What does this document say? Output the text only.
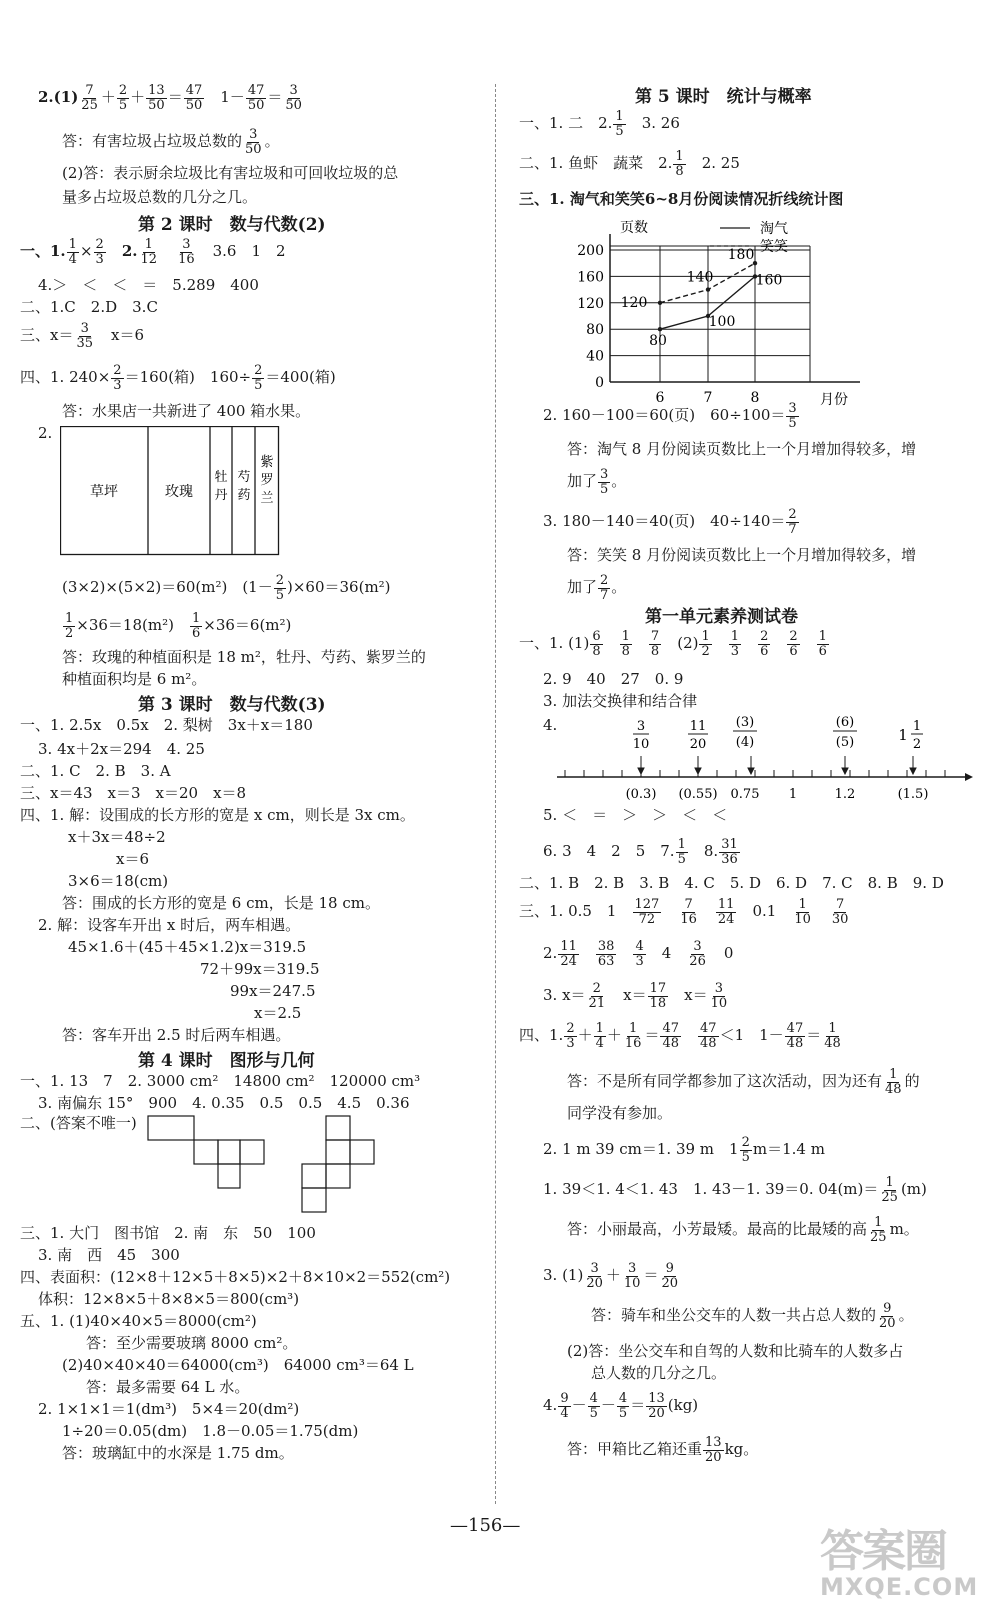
$2.(1) \frac{7}{25} + \frac{2}{5} + \frac{13}{50} = \frac{47}{50}$ 　$1- \frac{47}{50} = \frac{3}{50}$
答：有害垃圾占垃圾总数的 $\frac{3}{50}$ 。
(2)答：表示厨余垃圾比有害垃圾和可回收垃圾的总
量多占垃圾总数的几分之几。
第 2 课时　数与代数(2)
一、1. $\frac{1}{4} \times \frac{2}{3}$
　 2. $\frac{1}{12}$
　 $\frac{3}{16}$
　 3.6　1　2
4.＞　＜　＜　＝　5.289　400
二、1.C　2.D　3.C
三、$x= \frac{3}{35}$
　 x＝6
四、1. $240\times \frac{2}{3} =160$(箱)　$160\div \frac{2}{5} =400$(箱)
答：水果店一共新进了 400 箱水果。
2.
草坪	玫瑰
牡
丹
芍
药
紫
罗
兰
(3×2)×(5×2)＝60(m²)　$(1- \frac{2}{5} )\times 60=36(m^2)$
$\frac{1}{2} \times 36=18(m^2)$　 $\frac{1}{6} \times 36=6(m^2)$
答：玫瑰的种植面积是 18 m²，牡丹、芍药、紫罗兰的
种植面积均是 6 m²。
第 3 课时　数与代数(3)
一、1. 2.5x　0.5x　2. 梨树　3x＋x＝180
3. 4x＋2x＝294　4. 25
二、1. C　2. B　3. A
三、x＝43　x＝3　x＝20　x＝8
四、1. 解：设围成的长方形的宽是 x cm，则长是 3x cm。
x＋3x＝48÷2
x＝6
3×6＝18(cm)
答：围成的长方形的宽是 6 cm，长是 18 cm。
2. 解：设客车开出 x 时后，两车相遇。
45×1.6＋(45＋45×1.2)x＝319.5
72＋99x＝319.5
99x＝247.5
x＝2.5
答：客车开出 2.5 时后两车相遇。
第 4 课时　图形与几何
一、1. 13　7　2. 3000 cm²　14800 cm²　120000 cm³
3. 南偏东 15°　900　4. 0.35　0.5　0.5　4.5　0.36
二、(答案不唯一)
三、1. 大门　图书馆　2. 南　东　50　100
3. 南　西　45　300
四、表面积：(12×8＋12×5＋8×5)×2＋8×10×2＝552(cm²)
体积：12×8×5＋8×8×5＝800(cm³)
五、1. (1)40×40×5＝8000(cm²)
答：至少需要玻璃 8000 cm²。
(2)40×40×40＝64000(cm³)　64000 cm³＝64 L
答：最多需要 64 L 水。
2. 1×1×1＝1(dm³)　5×4＝20(dm²)
1÷20＝0.05(dm)　1.8－0.05＝1.75(dm)
答：玻璃缸中的水深是 1.75 dm。
第 5 课时　统计与概率
一、1. 二　2. $\frac{1}{5}$
　 3. 26
二、1. 鱼虾　蔬菜　2. $\frac{1}{8}$
　 2. 25
三、1. 淘气和笑笑6~8月份阅读情况折线统计图
0
40
80
120
160
200
页数
月份
6	7	8
淘气
笑笑
80
100
160
120
140
180
2. 160－100＝60(页)　$60\div 100= \frac{3}{5}$
答：淘气 8 月份阅读页数比上一个月增加得较多，增
加了 $\frac{3}{5}$ 。
3. 180－140＝40(页)　$40\div 140= \frac{2}{7}$
答：笑笑 8 月份阅读页数比上一个月增加得较多，增
加了 $\frac{2}{7}$ 。
第一单元素养测试卷
一、1. $(1) \frac{6}{8}$
　 $\frac{1}{8}$
　 $\frac{7}{8}$
　 $(2) \frac{1}{2}$
　 $\frac{1}{3}$
　 $\frac{2}{6}$
　 $\frac{2}{6}$
　 $\frac{1}{6}$
2. 9　40　27　0. 9
3. 加法交换律和结合律
4.	3
10
11
20
(3)
(4)
(6)
(5)	1 1
2
(0.3) (0.55) 0.75 1	1.2	(1.5)
5. ＜　＝　＞　＞　＜　＜
6. 3　4　2　5　7. $\frac{1}{5}$
　 8. $\frac{31}{36}$
二、1. B　2. B　3. B　4. C　5. D　6. D　7. C　8. B　9. D
三、1. 0.5　1　 $\frac{127}{72}$
　 $\frac{7}{16}$
　 $\frac{11}{24}$
　 0.1　 $\frac{1}{10}$
　 $\frac{7}{30}$
2. $\frac{11}{24}$
　 $\frac{38}{63}$
　 $\frac{4}{3}$
　 4　 $\frac{3}{26}$
　 0
3. $x= \frac{2}{21}$
　 $x= \frac{17}{18}$
　 $x= \frac{3}{10}$
四、1. $\frac{2}{3} + \frac{1}{4} + \frac{1}{16} = \frac{47}{48}$
　 $\frac{47}{48} <1$　$1- \frac{47}{48} = \frac{1}{48}$
答：不是所有同学都参加了这次活动，因为还有 $\frac{1}{48}$ 的
同学没有参加。
2. 1 m 39 cm＝1. 39 m　$1 \frac{2}{5} m=1.4$ m
1. 39＜1. 4＜1. 43　1. 43－1. 39＝0. $04(m)= \frac{1}{25} (m)$
答：小丽最高，小芳最矮。最高的比最矮的高 $\frac{1}{25}$ m。
3. $(1) \frac{3}{20} + \frac{3}{10} = \frac{9}{20}$
答：骑车和坐公交车的人数一共占总人数的 $\frac{9}{20}$ 。
(2)答：坐公交车和自驾的人数和比骑车的人数多占
总人数的几分之几。
4. $\frac{9}{4} - \frac{4}{5} - \frac{4}{5} = \frac{13}{20} (kg)$
答：甲箱比乙箱还重 $\frac{13}{20}$ kg。
—156—
答案圈
MXQE.COM
